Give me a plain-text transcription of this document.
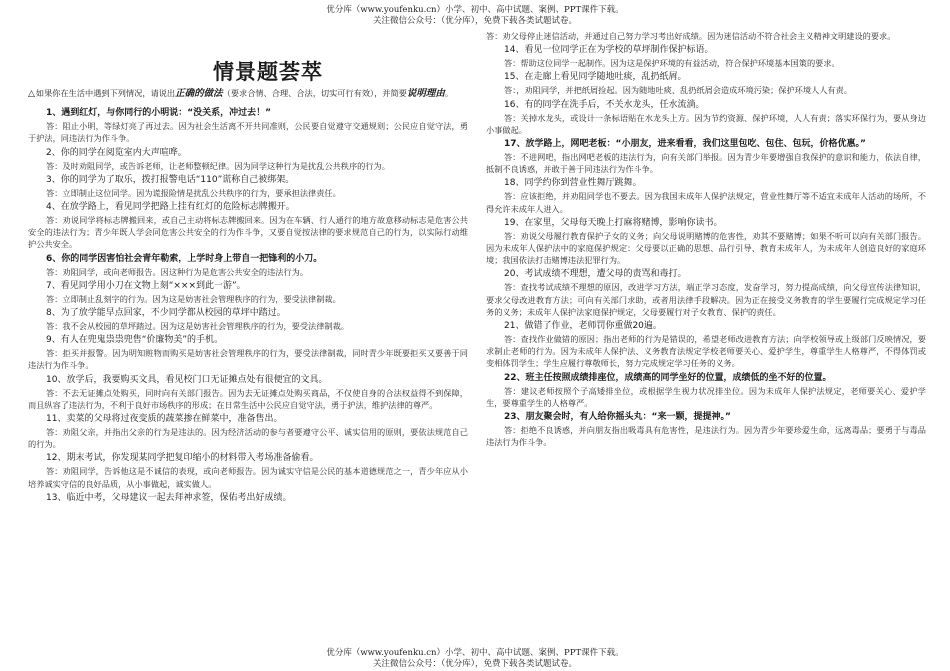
优分库（www.youfenku.cn）小学、初中、高中试题、案例、PPT课件下载。
关注微信公众号：（优分库），免费下载各类试题试卷。
情景题荟萃

△如果你在生活中遇到下列情况，请说出正确的做法（要求合情、合理、合法，切实可行有效），并简要说明理由。

1、遇到红灯，与你同行的小明说：“没关系，冲过去！”

答：阻止小明，等绿灯亮了再过去。因为社会生活离不开共同准则，公民要自觉遵守交通规则；公民应自觉守法，勇于护法，同违法行为作斗争。

2、你的同学在阅览室内大声喧哗。

答：及时劝阻同学，或告诉老师，让老师整顿纪律。因为同学这种行为是扰乱公共秩序的行为。

3、你的同学为了取乐，拨打报警电话“110”谎称自己被绑架。

答：立即制止这位同学。因为谎报险情是扰乱公共秩序的行为，要承担法律责任。

4、在放学路上，看见同学把路上挂有红灯的危险标志牌搬开。

答：劝说同学将标志牌搬回来，或自己主动将标志牌搬回来。因为在车辆、行人通行的地方故意移动标志是危害公共安全的违法行为；青少年既人学会同危害公共安全的行为作斗争，又要自觉按法律的要求规范自己的行为，以实际行动维护公共安全。

6、你的同学因害怕社会青年勒索，上学时身上带自一把锋利的小刀。

答：劝阻同学，或向老师报告。因这种行为是危害公共安全的违法行为。

7、看见同学用小刀在文物上刻“×××到此一游”。

答：立即制止乱刻字的行为。因为这是妨害社会管理秩序的行为，要受法律制裁。

8、为了放学能早点回家，不少同学都从校园的草坪中踏过。

答：我不会从校园的草坪踏过。因为这是妨害社会管理秩序的行为，要受法律制裁。

9、有人在兜鬼祟祟兜售“价廉物美”的手机。

答：拒买并报警。因为明知赃物而购买是妨害社会管理秩序的行为，要受法律制裁，同时青少年既要拒买又要善于同违法行为作斗争。

10、放学后，我要购买文具，看见校门口无证摊点处有很便宜的文具。

答：不去无证摊点处购买，同时向有关部门报告。因为去无证摊点处购买商品，不仅使自身的合法权益得不到保障，而且纵容了违法行为，不利于良好市场秩序的形成；在日常生活中公民应自觉守法，勇于护法，维护法律的尊严。

11、卖菜的父母将过夜变质的蔬菜掺在鲜菜中，准备售出。

答：劝阻父亲，并指出父亲的行为是违法的。因为经济活动的参与者要遵守公平、诚实信用的原则，要依法规范自己的行为。

12、期末考试，你发现某同学把复印缩小的材料带入考场准备偷看。

答：劝阻同学，告诉他这是不诚信的表现，或向老师报告。因为诚实守信是公民的基本道德规范之一，青少年应从小培养诚实守信的良好品质，从小事做起，诚实做人。

13、临近中考，父母建议一起去拜神求签，保佑考出好成绩。

答：劝父母停止迷信活动，并通过自己努力学习考出好成绩。因为迷信活动不符合社会主义精神文明建设的要求。

14、看见一位同学正在为学校的草坪制作保护标语。

答：帮助这位同学一起制作。因为这是保护环境的有益活动，符合保护环境基本国策的要求。

15、在走廊上看见同学随地吐痰，乱扔纸屑。

答：，劝阻同学，并把纸屑捡起。因为随地吐痰、乱扔纸屑会造成环境污染；保护环境人人有责。

16、有的同学在洗手后，不关水龙头，任水流淌。

答：关掉水龙头，或设计一条标语贴在水龙头上方。因为节约资源、保护环境，人人有责；落实环保行为，要从身边小事做起。

17、放学路上，网吧老板：“小朋友，进来看看，我们这里包吃、包住、包玩，价格优惠。”

答：不进网吧，指出网吧老板的违法行为，向有关部门举报。因为青少年要增强自我保护的意识和能力，依法自律，抵制不良诱惑，并敢于善于同违法行为作斗争。

18、同学约你到营业性舞厅跳舞。

答：应该拒绝，并劝阻同学也不要去。因为我国未成年人保护法规定，营业性舞厅等不适宜未成年人活动的场所，不得允许未成年人进入。

19、在家里，父母每天晚上打麻将赌博，影响你读书。

答：劝说父母履行教育保护子女的义务；向父母说明赌博的危害性，劝其不要赌博；如果不听可以向有关部门报告。因为未成年人保护法中的家庭保护规定：父母要以正确的思想、品行引导、教育未成年人，为未成年人创造良好的家庭环境；我国依法打击赌博违法犯罪行为。

20、考试成绩不理想，遭父母的责骂和毒打。

答：查找考试成绩不理想的原因，改进学习方法，端正学习态度，发奋学习，努力提高成绩，向父母宣传法律知识，要求父母改进教育方法；可向有关部门求助，或者用法律手段解决。因为正在接受义务教育的学生要履行完成规定学习任务的义务；未成年人保护法家庭保护规定，父母要履行对子女教育、保护的责任。

21、做错了作业，老师罚你重做20遍。

答：查找作业做错的原因；指出老师的行为是错误的，希望老师改进教育方法；向学校领导或上级部门反映情况，要求制止老师的行为。因为未成年人保护法、义务教育法规定学校老师要关心、爱护学生，尊重学生人格尊严，不得体罚或变相体罚学生；学生应履行尊敬师长，努力完成规定学习任务的义务。

22、班主任按照成绩排座位，成绩高的同学坐好的位置，成绩低的坐不好的位置。

答：建议老师按照个子高矮排坐位，或根据学生视力状况排坐位。因为未成年人保护法规定，老师要关心、爱护学生，要尊重学生的人格尊严。

23、朋友聚会时，有人给你摇头丸：“来一颗，提提神。”

答：拒绝不良诱惑，并向朋友指出吸毒具有危害性，是违法行为。因为青少年要珍爱生命，远离毒品；要勇于与毒品违法行为作斗争。

优分库（www.youfenku.cn）小学、初中、高中试题、案例、PPT课件下载。
关注微信公众号：（优分库），免费下载各类试题试卷。
